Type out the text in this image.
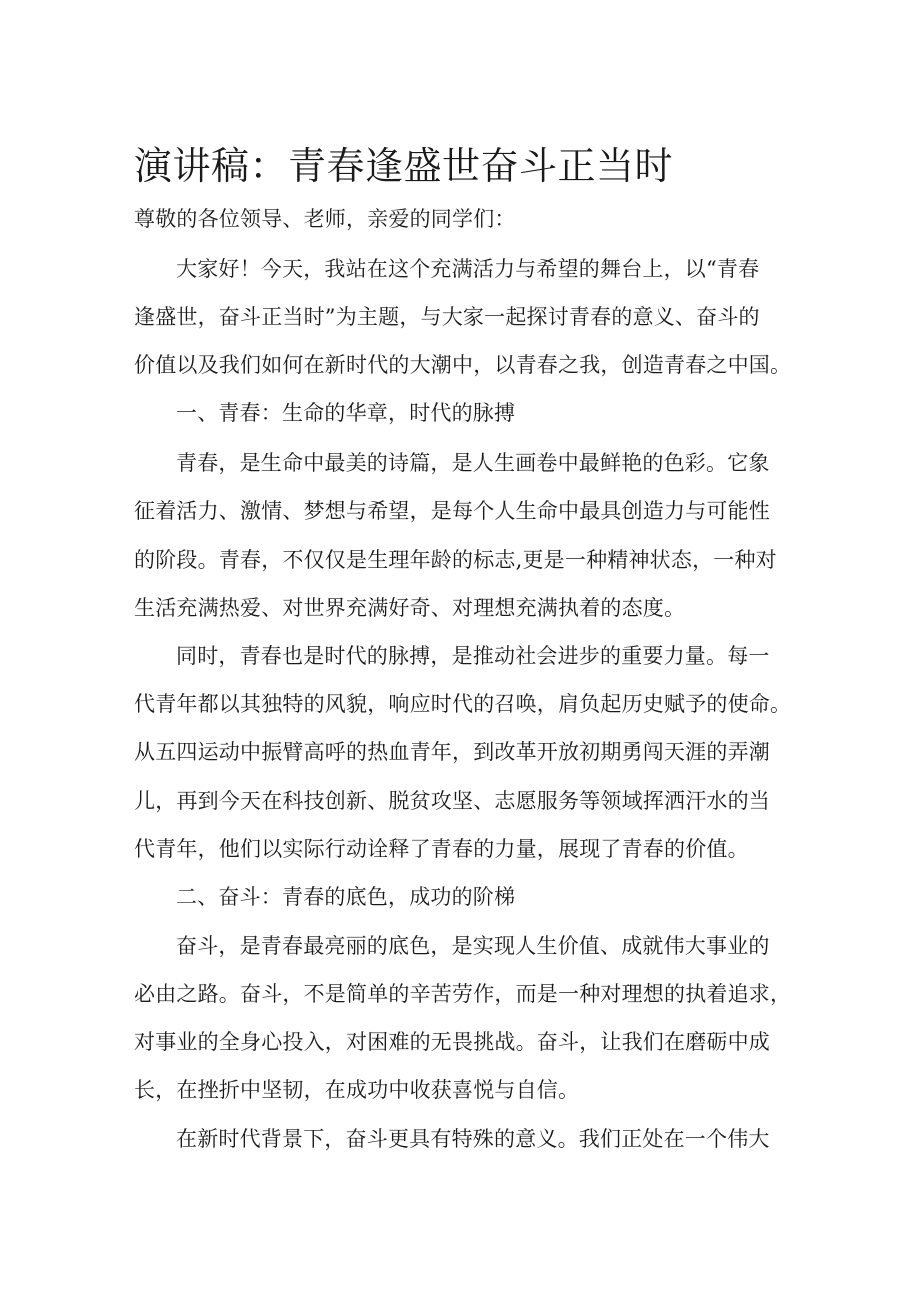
演讲稿：青春逢盛世奋斗正当时

尊敬的各位领导、老师，亲爱的同学们：

大家好！今天，我站在这个充满活力与希望的舞台上，以“青春

逢盛世，奋斗正当时”为主题，与大家一起探讨青春的意义、奋斗的

价值以及我们如何在新时代的大潮中，以青春之我，创造青春之中国。

一、青春：生命的华章，时代的脉搏

青春，是生命中最美的诗篇，是人生画卷中最鲜艳的色彩。它象

征着活力、激情、梦想与希望，是每个人生命中最具创造力与可能性

的阶段。青春，不仅仅是生理年龄的标志,更是一种精神状态，一种对

生活充满热爱、对世界充满好奇、对理想充满执着的态度。

同时，青春也是时代的脉搏，是推动社会进步的重要力量。每一

代青年都以其独特的风貌，响应时代的召唤，肩负起历史赋予的使命。

从五四运动中振臂高呼的热血青年，到改革开放初期勇闯天涯的弄潮

儿，再到今天在科技创新、脱贫攻坚、志愿服务等领域挥洒汗水的当

代青年，他们以实际行动诠释了青春的力量，展现了青春的价值。

二、奋斗：青春的底色，成功的阶梯

奋斗，是青春最亮丽的底色，是实现人生价值、成就伟大事业的

必由之路。奋斗，不是简单的辛苦劳作，而是一种对理想的执着追求，

对事业的全身心投入，对困难的无畏挑战。奋斗，让我们在磨砺中成

长，在挫折中坚韧，在成功中收获喜悦与自信。

在新时代背景下，奋斗更具有特殊的意义。我们正处在一个伟大
